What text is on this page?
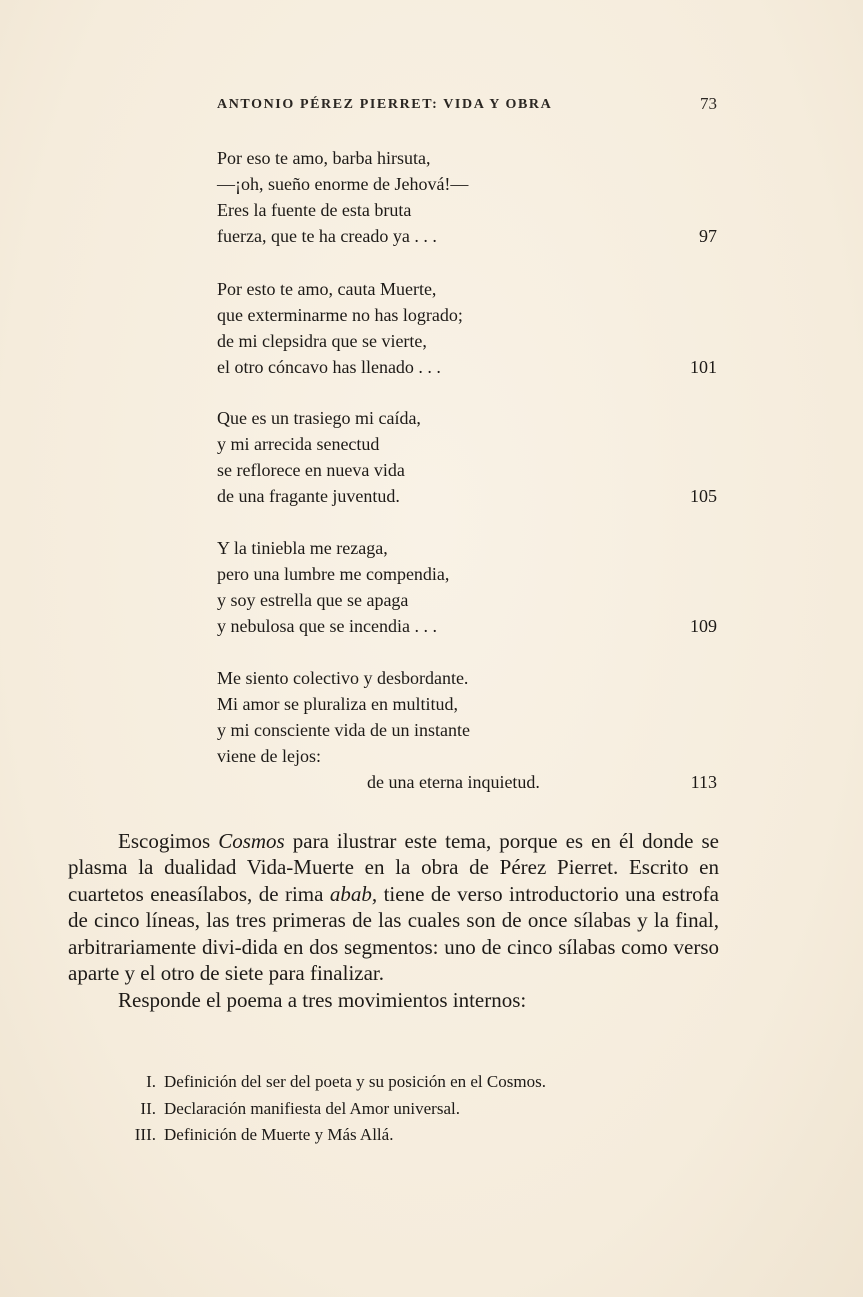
ANTONIO PÉREZ PIERRET: VIDA Y OBRA	73
Por eso te amo, barba hirsuta,
—¡oh, sueño enorme de Jehová!—
Eres la fuente de esta bruta
fuerza, que te ha creado ya . . .	97
Por esto te amo, cauta Muerte,
que exterminarme no has logrado;
de mi clepsidra que se vierte,
el otro cóncavo has llenado . . .	101
Que es un trasiego mi caída,
y mi arrecida senectud
se reflorece en nueva vida
de una fragante juventud.	105
Y la tiniebla me rezaga,
pero una lumbre me compendia,
y soy estrella que se apaga
y nebulosa que se incendia . . .	109
Me siento colectivo y desbordante.
Mi amor se pluraliza en multitud,
y mi consciente vida de un instante
viene de lejos:
de una eterna inquietud.	113

Escogimos Cosmos para ilustrar este tema, porque es en él donde se plasma la dualidad Vida-Muerte en la obra de Pérez Pierret. Escrito en cuartetos eneasílabos, de rima abab, tiene de verso introductorio una estrofa de cinco líneas, las tres primeras de las cuales son de once sílabas y la final, arbitrariamente divi-dida en dos segmentos: uno de cinco sílabas como verso aparte y el otro de siete para finalizar.

Responde el poema a tres movimientos internos:

I. Definición del ser del poeta y su posición en el Cosmos.
II. Declaración manifiesta del Amor universal.
III. Definición de Muerte y Más Allá.
